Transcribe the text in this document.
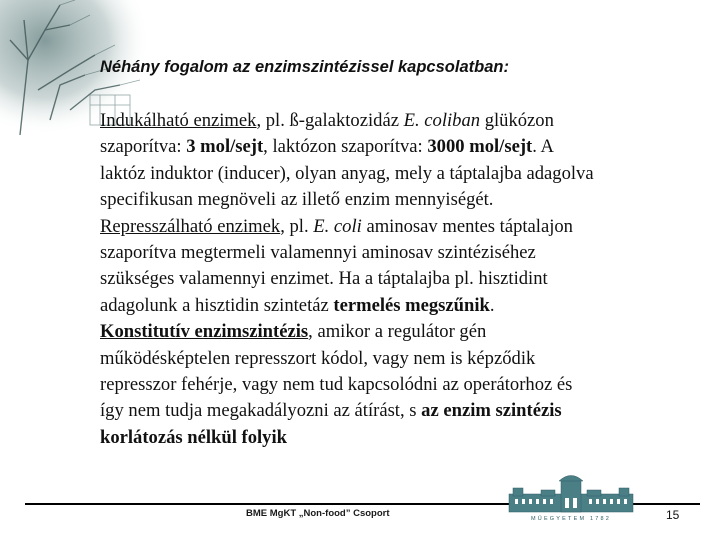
Néhány fogalom az enzimszintézissel kapcsolatban:
Indukálható enzimek, pl. ß-galaktozidáz E. coliban glükózon
szaporítva: 3 mol/sejt, laktózon szaporítva: 3000 mol/sejt. A
laktóz induktor (inducer), olyan anyag, mely a táptalajba adagolva
specifikusan megnöveli az illető enzim mennyiségét.
Represszálható enzimek, pl. E. coli aminosav mentes táptalajon
szaporítva megtermeli valamennyi aminosav szintéziséhez
szükséges valamennyi enzimet. Ha a táptalajba pl. hisztidint
adagolunk a hisztidin szintetáz termelés megszűnik.
Konstitutív enzimszintézis, amikor a regulátor gén
működésképtelen represszort kódol, vagy nem is képződik
represszor fehérje, vagy nem tud kapcsolódni az operátorhoz és
így nem tudja megakadályozni az átírást, s az enzim szintézis
korlátozás nélkül folyik
BME MgKT „Non-food” Csoport	MŰEGYETEM 1782	15
